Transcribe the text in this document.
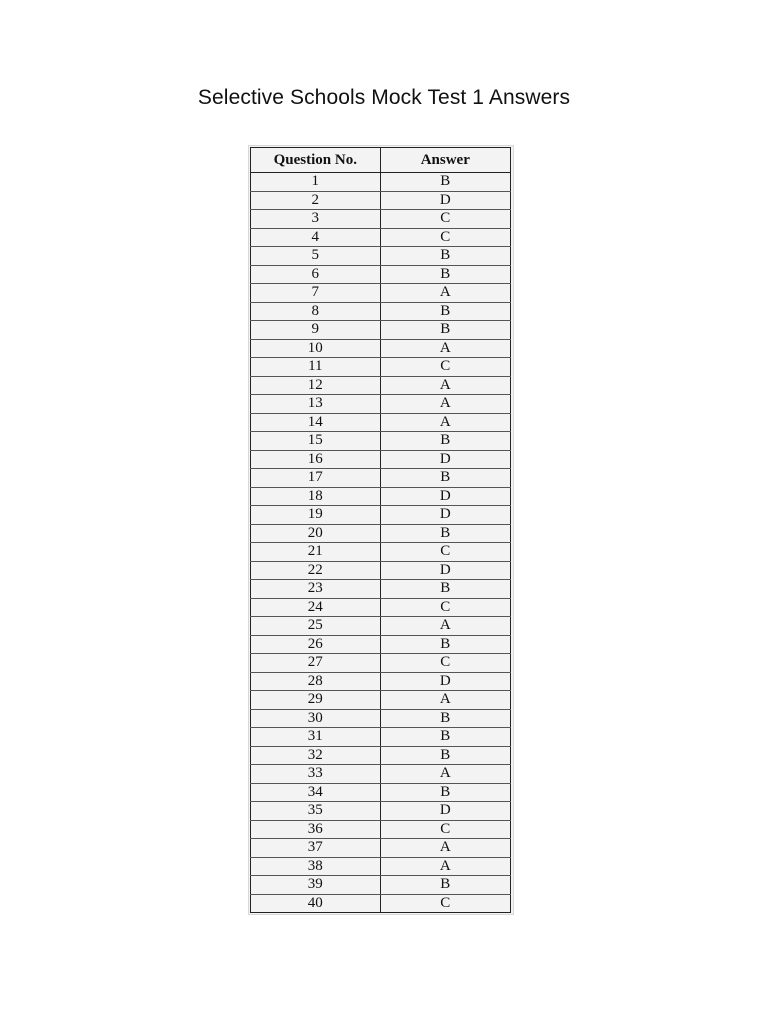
Selective Schools Mock Test 1 Answers
Question No.	Answer
1	B
2	D
3	C
4	C
5	B
6	B
7	A
8	B
9	B
10	A
11	C
12	A
13	A
14	A
15	B
16	D
17	B
18	D
19	D
20	B
21	C
22	D
23	B
24	C
25	A
26	B
27	C
28	D
29	A
30	B
31	B
32	B
33	A
34	B
35	D
36	C
37	A
38	A
39	B
40	C
